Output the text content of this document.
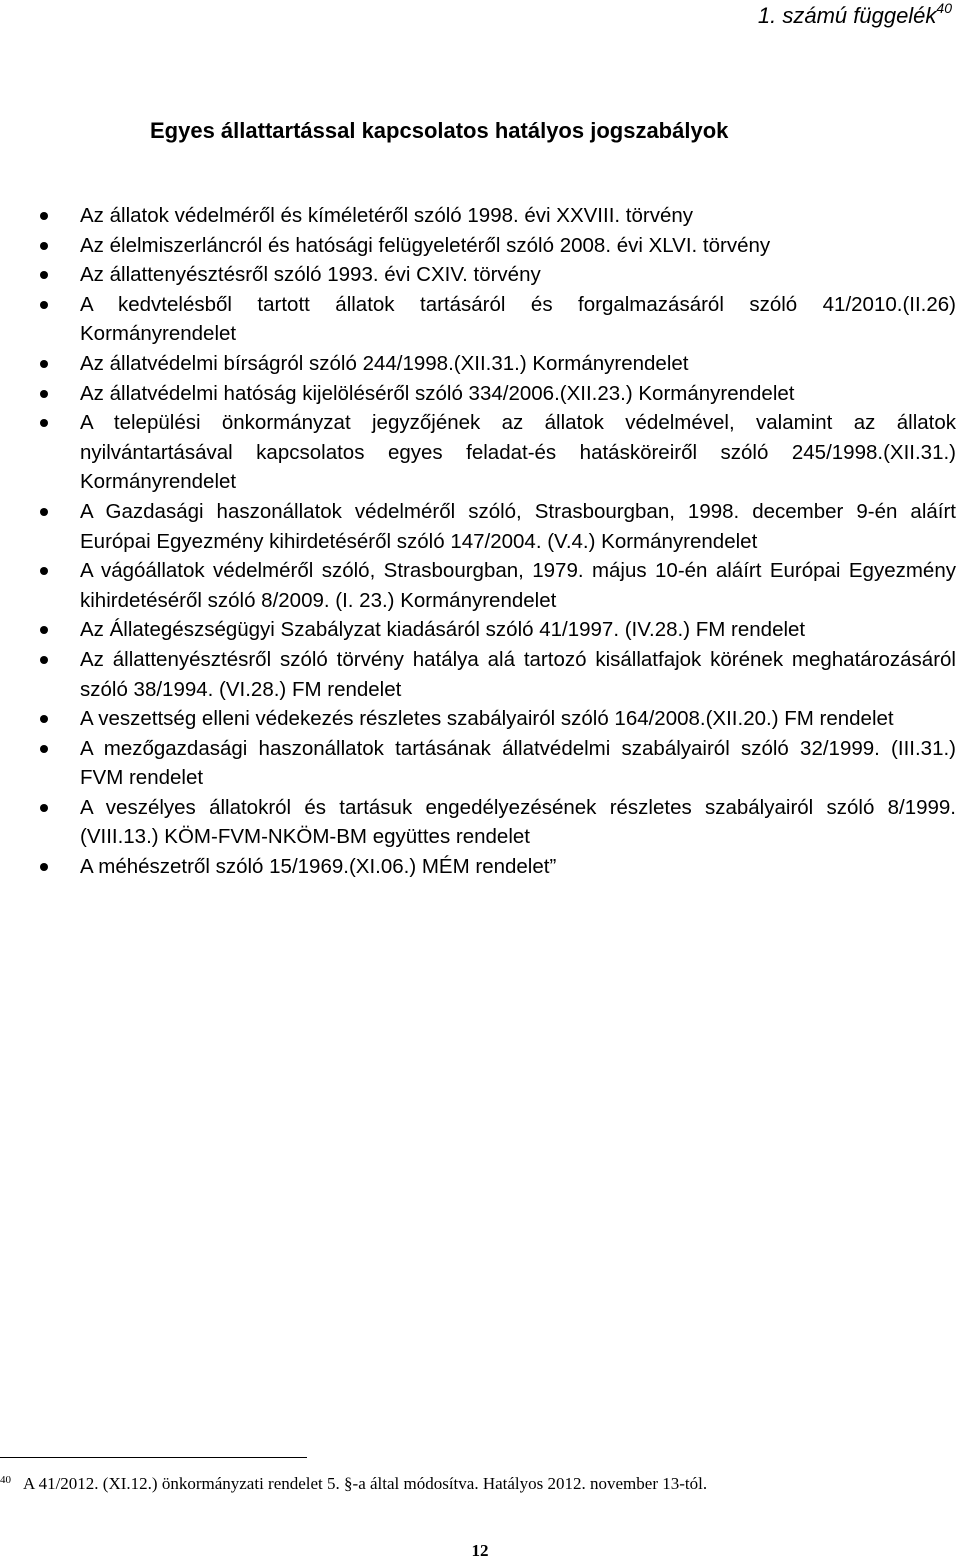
1. számú függelék$^{40}$
Egyes állattartással kapcsolatos hatályos jogszabályok
Az állatok védelméről és kíméletéről szóló 1998. évi XXVIII. törvény
Az élelmiszerláncról és hatósági felügyeletéről szóló 2008. évi XLVI. törvény
Az állattenyésztésről szóló 1993. évi CXIV. törvény
A kedvtelésből tartott állatok tartásáról és forgalmazásáról szóló 41/2010.(II.26) Kormányrendelet
Az állatvédelmi bírságról szóló 244/1998.(XII.31.) Kormányrendelet
Az állatvédelmi hatóság kijelöléséről szóló 334/2006.(XII.23.) Kormányrendelet
A települési önkormányzat jegyzőjének az állatok védelmével, valamint az állatok nyilvántartásával kapcsolatos egyes feladat-és hatásköreiről szóló 245/1998.(XII.31.) Kormányrendelet
A Gazdasági haszonállatok védelméről szóló, Strasbourgban, 1998. december 9-én aláírt Európai Egyezmény kihirdetéséről szóló 147/2004. (V.4.) Kormányrendelet
A vágóállatok védelméről szóló, Strasbourgban, 1979. május 10-én aláírt Európai Egyezmény kihirdetéséről szóló 8/2009. (I. 23.) Kormányrendelet
Az Állategészségügyi Szabályzat kiadásáról szóló 41/1997. (IV.28.) FM rendelet
Az állattenyésztésről szóló törvény hatálya alá tartozó kisállatfajok körének meghatározásáról szóló 38/1994. (VI.28.) FM rendelet
A veszettség elleni védekezés részletes szabályairól szóló 164/2008.(XII.20.) FM rendelet
A mezőgazdasági haszonállatok tartásának állatvédelmi szabályairól szóló 32/1999. (III.31.) FVM rendelet
A veszélyes állatokról és tartásuk engedélyezésének részletes szabályairól szóló 8/1999.(VIII.13.) KÖM-FVM-NKÖM-BM együttes rendelet
A méhészetről szóló 15/1969.(XI.06.) MÉM rendelet”
$^{40}$ A 41/2012. (XI.12.) önkormányzati rendelet 5. §-a által módosítva. Hatályos 2012. november 13-tól.
12
